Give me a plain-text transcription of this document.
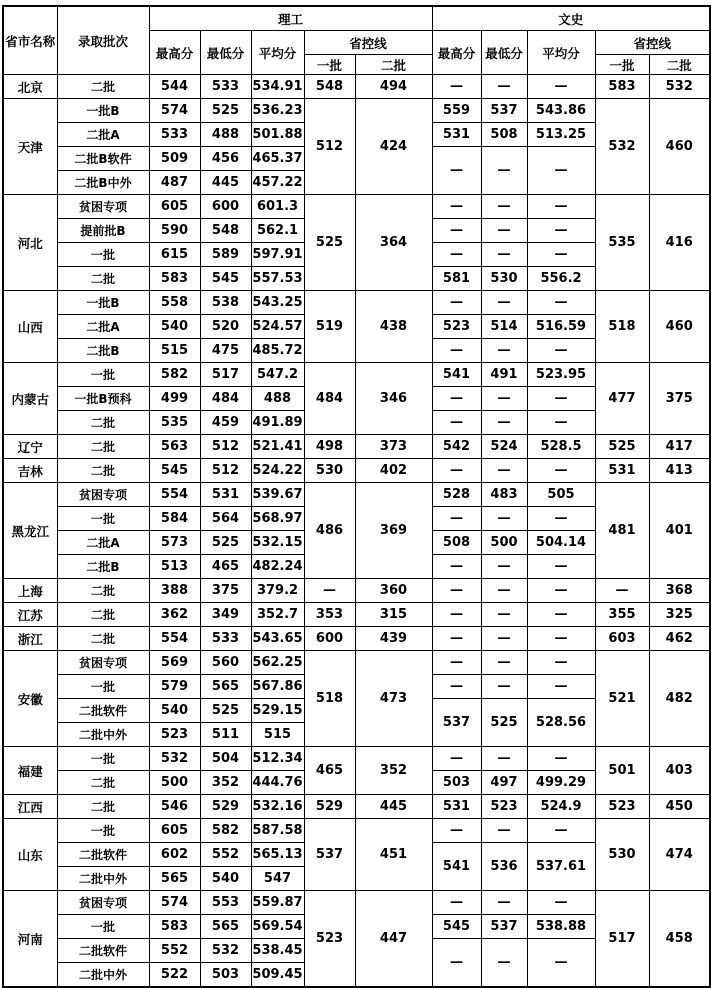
省市名称	录取批次	理工					文史				
		最高分	最低分	平均分	省控线		最高分	最低分	平均分	省控线	
					一批	二批				一批	二批
北京	二批	544	533	534.91	548	494	—	—	—	583	532
天津	一批B	574	525	536.23	512	424	559	537	543.86	532	460
	二批A	533	488	501.88			531	508	513.25		
	二批B软件	509	456	465.37			—	—	—		
	二批B中外	487	445	457.22							
河北	贫困专项	605	600	601.3	525	364	—	—	—	535	416
	提前批B	590	548	562.1			—	—	—		
	一批	615	589	597.91			—	—	—		
	二批	583	545	557.53			581	530	556.2		
山西	一批B	558	538	543.25	519	438	—	—	—	518	460
	二批A	540	520	524.57			523	514	516.59		
	二批B	515	475	485.72			—	—	—		
内蒙古	一批	582	517	547.2	484	346	541	491	523.95	477	375
	一批B预科	499	484	488			—	—	—		
	二批	535	459	491.89			—	—	—		
辽宁	二批	563	512	521.41	498	373	542	524	528.5	525	417
吉林	二批	545	512	524.22	530	402	—	—	—	531	413
黑龙江	贫困专项	554	531	539.67	486	369	528	483	505	481	401
	一批	584	564	568.97			—	—	—		
	二批A	573	525	532.15			508	500	504.14		
	二批B	513	465	482.24			—	—	—		
上海	二批	388	375	379.2	—	360	—	—	—	—	368
江苏	二批	362	349	352.7	353	315	—	—	—	355	325
浙江	二批	554	533	543.65	600	439	—	—	—	603	462
安徽	贫困专项	569	560	562.25	518	473	—	—	—	521	482
	一批	579	565	567.86			—	—	—		
	二批软件	540	525	529.15			537	525	528.56		
	二批中外	523	511	515							
福建	一批	532	504	512.34	465	352	—	—	—	501	403
	二批	500	352	444.76			503	497	499.29		
江西	二批	546	529	532.16	529	445	531	523	524.9	523	450
山东	一批	605	582	587.58	537	451	—	—	—	530	474
	二批软件	602	552	565.13			541	536	537.61		
	二批中外	565	540	547							
河南	贫困专项	574	553	559.87	523	447	—	—	—	517	458
	一批	583	565	569.54			545	537	538.88		
	二批软件	552	532	538.45			—	—	—		
	二批中外	522	503	509.45							
